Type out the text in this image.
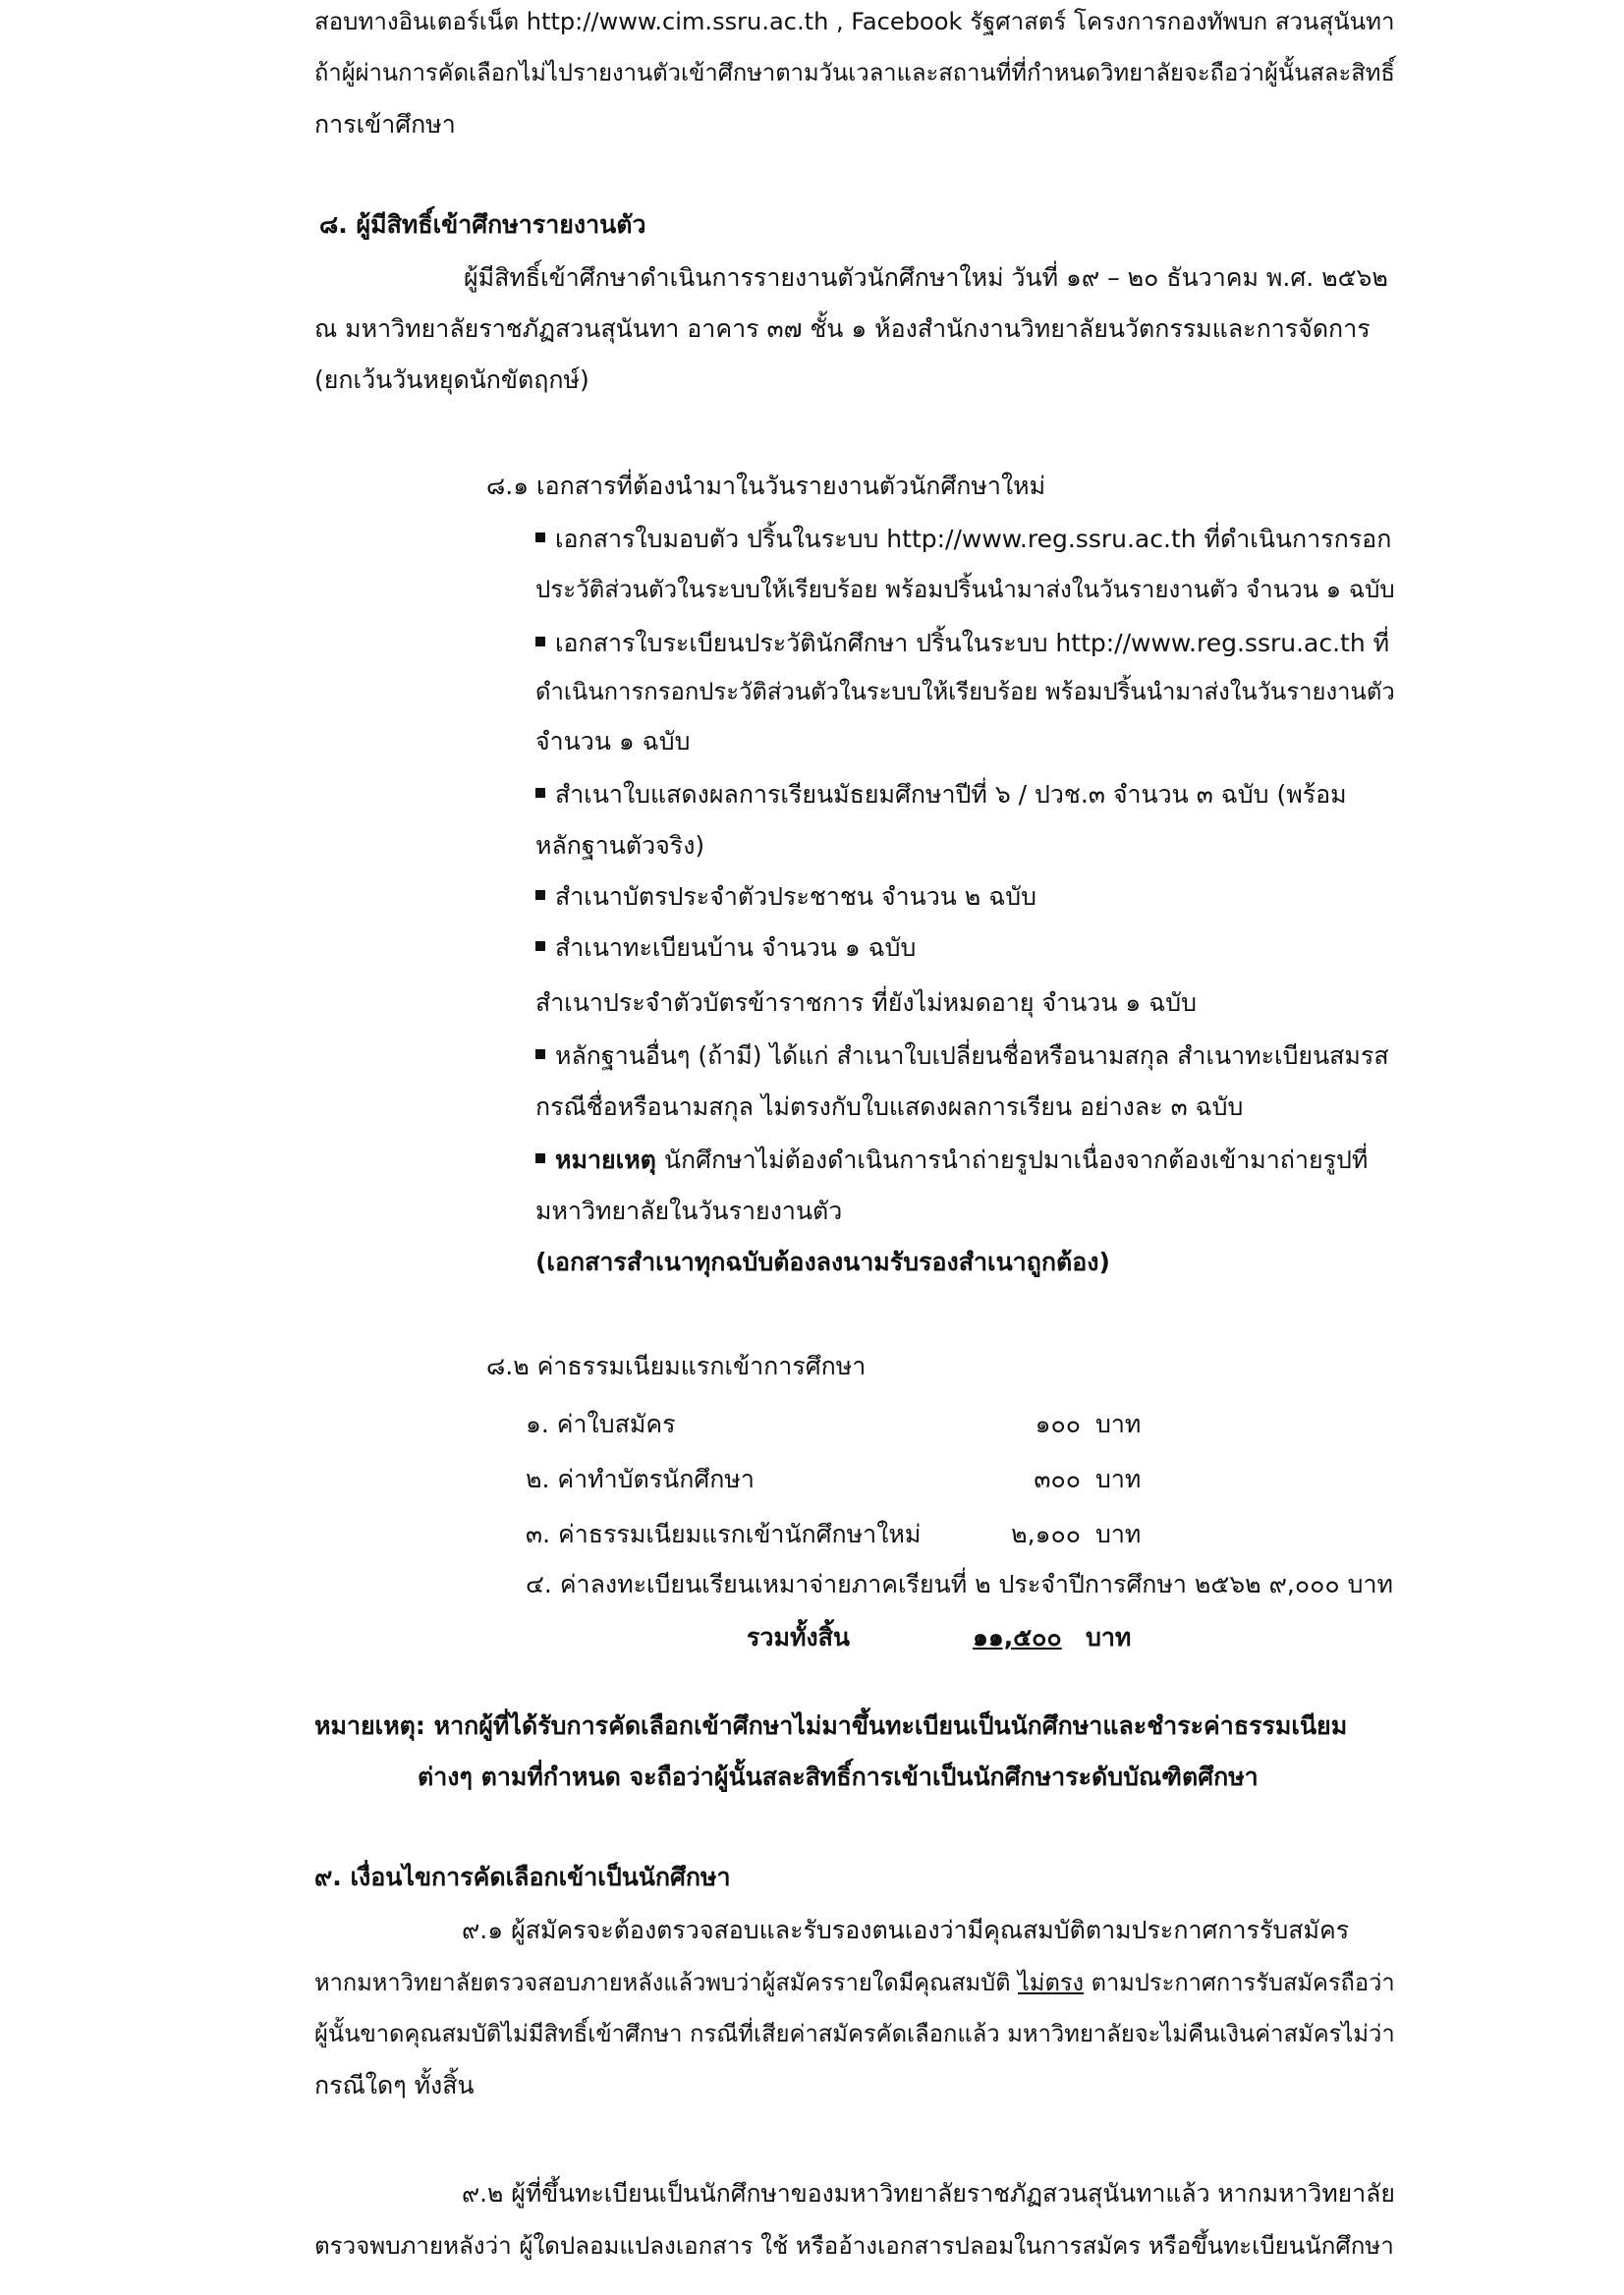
สอบทางอินเตอร์เน็ต http://www.cim.ssru.ac.th , Facebook รัฐศาสตร์ โครงการกองทัพบก สวนสุนันทา
ถ้าผู้ผ่านการคัดเลือกไม่ไปรายงานตัวเข้าศึกษาตามวันเวลาและสถานที่ที่กำหนดวิทยาลัยจะถือว่าผู้นั้นสละสิทธิ์
การเข้าศึกษา
๘. ผู้มีสิทธิ์เข้าศึกษารายงานตัว
ผู้มีสิทธิ์เข้าศึกษาดำเนินการรายงานตัวนักศึกษาใหม่ วันที่ ๑๙ – ๒๐ ธันวาคม พ.ศ. ๒๕๖๒
ณ มหาวิทยาลัยราชภัฏสวนสุนันทา อาคาร ๓๗ ชั้น ๑ ห้องสำนักงานวิทยาลัยนวัตกรรมและการจัดการ
(ยกเว้นวันหยุดนักขัตฤกษ์)
๘.๑ เอกสารที่ต้องนำมาในวันรายงานตัวนักศึกษาใหม่
เอกสารใบมอบตัว ปริ้นในระบบ http://www.reg.ssru.ac.th ที่ดำเนินการกรอก
ประวัติส่วนตัวในระบบให้เรียบร้อย พร้อมปริ้นนำมาส่งในวันรายงานตัว จำนวน ๑ ฉบับ
เอกสารใบระเบียนประวัตินักศึกษา ปริ้นในระบบ http://www.reg.ssru.ac.th ที่
ดำเนินการกรอกประวัติส่วนตัวในระบบให้เรียบร้อย พร้อมปริ้นนำมาส่งในวันรายงานตัว
จำนวน ๑ ฉบับ
สำเนาใบแสดงผลการเรียนมัธยมศึกษาปีที่ ๖ / ปวช.๓ จำนวน ๓ ฉบับ (พร้อม
หลักฐานตัวจริง)
สำเนาบัตรประจำตัวประชาชน จำนวน ๒ ฉบับ
สำเนาทะเบียนบ้าน จำนวน ๑ ฉบับ
สำเนาประจำตัวบัตรข้าราชการ ที่ยังไม่หมดอายุ จำนวน ๑ ฉบับ
หลักฐานอื่นๆ (ถ้ามี) ได้แก่ สำเนาใบเปลี่ยนชื่อหรือนามสกุล สำเนาทะเบียนสมรส
กรณีชื่อหรือนามสกุล ไม่ตรงกับใบแสดงผลการเรียน อย่างละ ๓ ฉบับ
หมายเหตุ นักศึกษาไม่ต้องดำเนินการนำถ่ายรูปมาเนื่องจากต้องเข้ามาถ่ายรูปที่
มหาวิทยาลัยในวันรายงานตัว
(เอกสารสำเนาทุกฉบับต้องลงนามรับรองสำเนาถูกต้อง)
๘.๒ ค่าธรรมเนียมแรกเข้าการศึกษา
๑. ค่าใบสมัคร	๑๐๐ บาท
๒. ค่าทำบัตรนักศึกษา	๓๐๐ บาท
๓. ค่าธรรมเนียมแรกเข้านักศึกษาใหม่	๒,๑๐๐ บาท
๔. ค่าลงทะเบียนเรียนเหมาจ่ายภาคเรียนที่ ๒ ประจำปีการศึกษา ๒๕๖๒ ๙,๐๐๐ บาท
รวมทั้งสิ้น	๑๑,๕๐๐ บาท
หมายเหตุ: หากผู้ที่ได้รับการคัดเลือกเข้าศึกษาไม่มาขึ้นทะเบียนเป็นนักศึกษาและชำระค่าธรรมเนียม
ต่างๆ ตามที่กำหนด จะถือว่าผู้นั้นสละสิทธิ์การเข้าเป็นนักศึกษาระดับบัณฑิตศึกษา
๙. เงื่อนไขการคัดเลือกเข้าเป็นนักศึกษา
๙.๑ ผู้สมัครจะต้องตรวจสอบและรับรองตนเองว่ามีคุณสมบัติตามประกาศการรับสมัคร
หากมหาวิทยาลัยตรวจสอบภายหลังแล้วพบว่าผู้สมัครรายใดมีคุณสมบัติ ไม่ตรง ตามประกาศการรับสมัครถือว่า
ผู้นั้นขาดคุณสมบัติไม่มีสิทธิ์เข้าศึกษา กรณีที่เสียค่าสมัครคัดเลือกแล้ว มหาวิทยาลัยจะไม่คืนเงินค่าสมัครไม่ว่า
กรณีใดๆ ทั้งสิ้น
๙.๒ ผู้ที่ขึ้นทะเบียนเป็นนักศึกษาของมหาวิทยาลัยราชภัฏสวนสุนันทาแล้ว หากมหาวิทยาลัย
ตรวจพบภายหลังว่า ผู้ใดปลอมแปลงเอกสาร ใช้ หรืออ้างเอกสารปลอมในการสมัคร หรือขึ้นทะเบียนนักศึกษา
